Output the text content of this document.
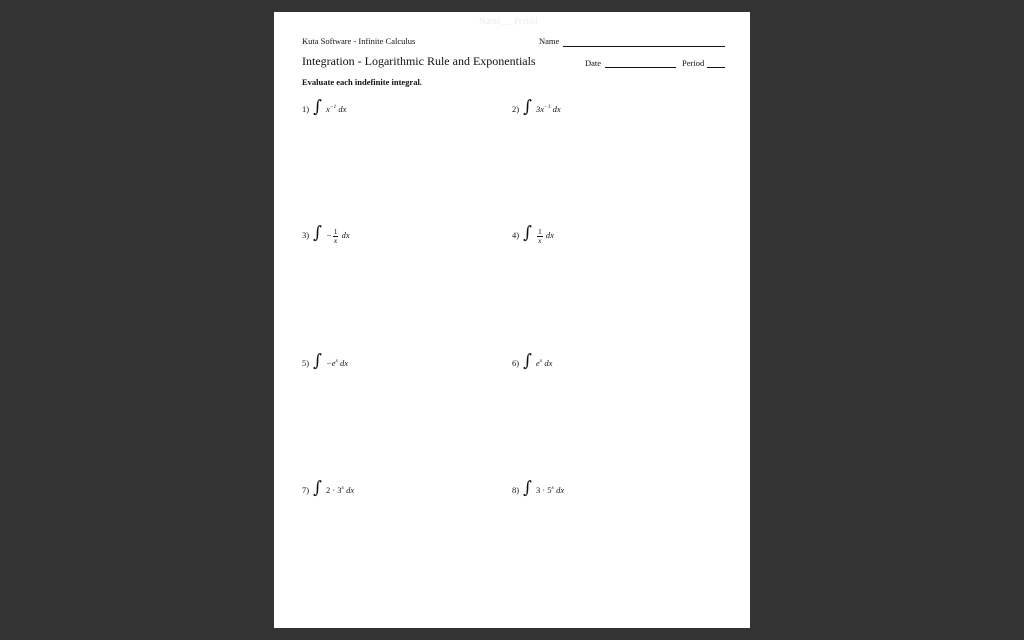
Name___Period
Kuta Software - Infinite Calculus	Name
Integration - Logarithmic Rule and Exponentials	Date	Period
Evaluate each indefinite integral.
1) ∫ $x^{-1}$ dx	2) ∫ $3x^{-1}$ dx
3) ∫ − $\frac{1}{x}$ dx	4) ∫ $\frac{1}{x}$ dx
5) ∫ $-e^x$ dx	6) ∫ $e^x$ dx
7) ∫ $2 \cdot 3^x$ dx	8) ∫ $3 \cdot 5^x$ dx
